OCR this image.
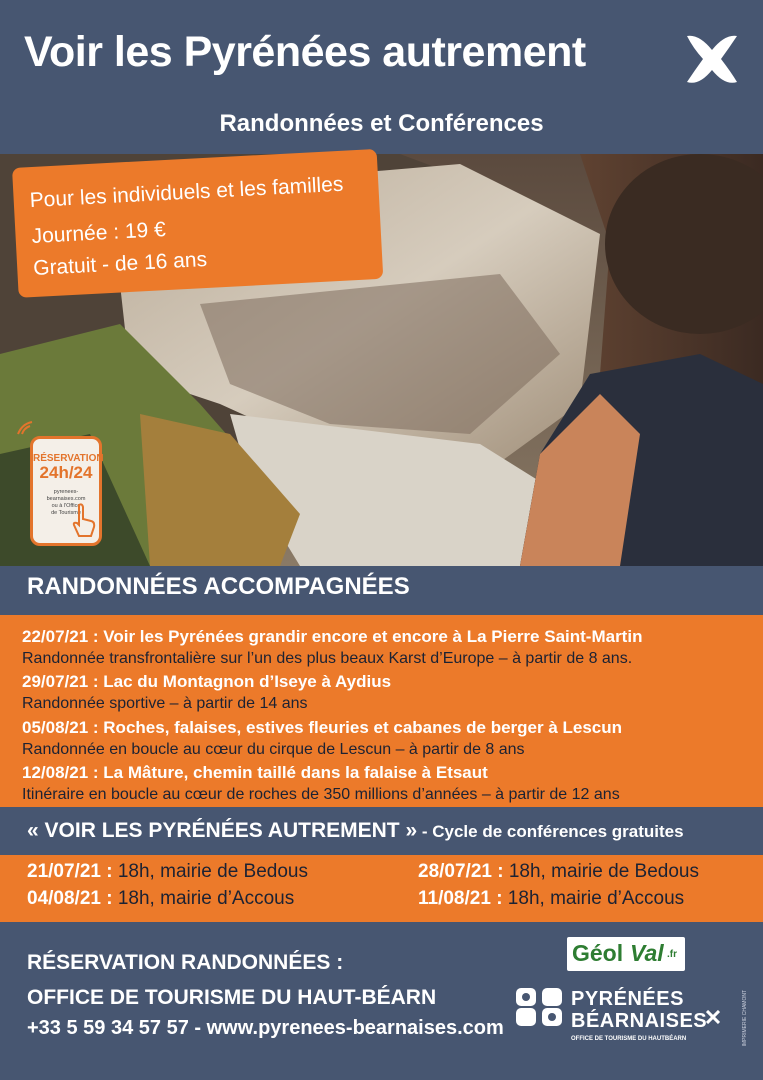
Voir les Pyrénées autrement
Randonnées et Conférences

Pour les individuels et les familles

Journée : 19 €

Gratuit - de 16 ans

RÉSERVATION
24h/24
pyrenees-bearnaises.com
ou à l'Office
de Tourisme
RANDONNÉES ACCOMPAGNÉES
22/07/21 : Voir les Pyrénées grandir encore et encore à La Pierre Saint-Martin
Randonnée transfrontalière sur l’un des plus beaux Karst d’Europe – à partir de 8 ans.
29/07/21 : Lac du Montagnon d’Iseye à Aydius
Randonnée sportive – à partir de 14 ans
05/08/21 : Roches, falaises, estives fleuries et cabanes de berger à Lescun
Randonnée en boucle au cœur du cirque de Lescun – à partir de 8 ans
12/08/21 : La Mâture, chemin taillé dans la falaise à Etsaut
Itinéraire en boucle au cœur de roches de 350 millions d’années – à partir de 12 ans
« VOIR LES PYRÉNÉES AUTREMENT » - Cycle de conférences gratuites
21/07/21 : 18h, mairie de Bedous	28/07/21 : 18h, mairie de Bedous
04/08/21 : 18h, mairie d’Accous	11/08/21 : 18h, mairie d’Accous
RÉSERVATION RANDONNÉES :
OFFICE DE TOURISME DU HAUT-BÉARN
+33 5 59 34 57 57 - www.pyrenees-bearnaises.com
Géol Val .fr
PYRÉNÉES
BÉARNAISES
OFFICE DE TOURISME DU HAUTBÉARN	IMPRIMERIE CHAMONT
